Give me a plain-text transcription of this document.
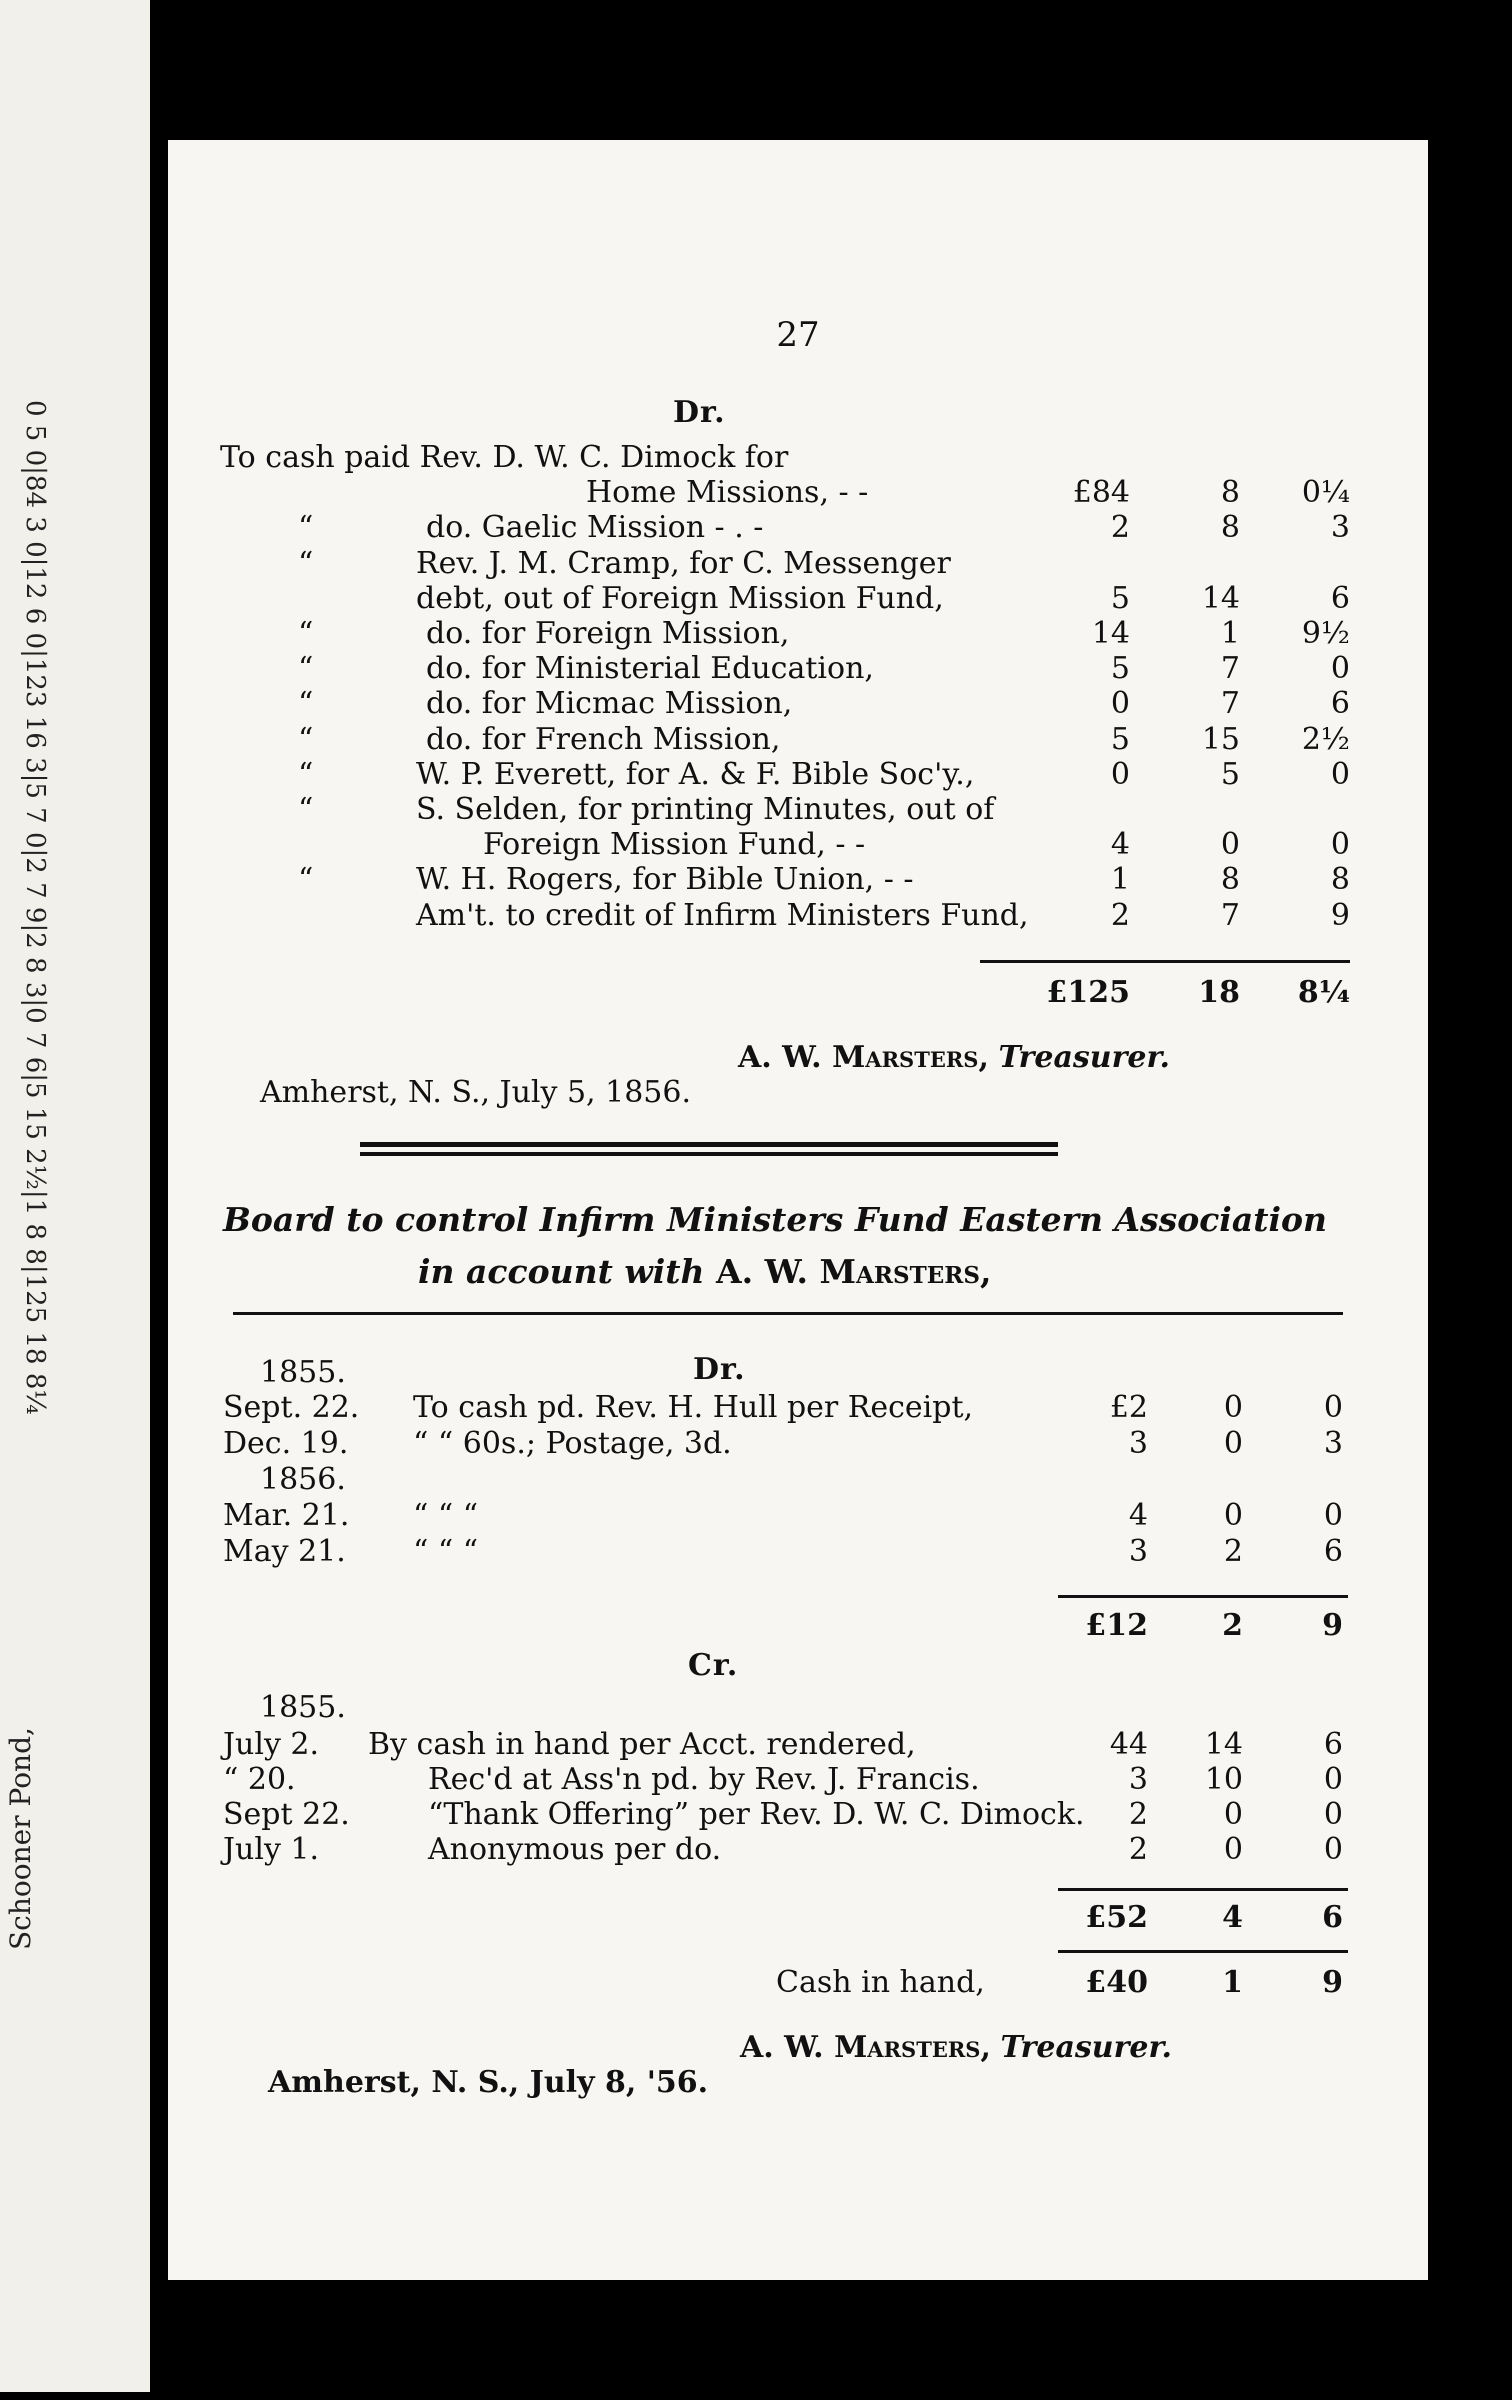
0 5 0|84 3 0|12 6 0|123 16 3|5 7 0|2 7 9|2 8 3|0 7 6|5 15 2½|1 8 8|125 18 8¼
Schooner Pond,
27
Dr.
£125	18	8¼
A. W. Marsters, Treasurer.
Amherst, N. S., July 5, 1856.
Board to control Infirm Ministers Fund Eastern Association
in account with A. W. Marsters,
1855.	Dr.
£12	2	9
Cr.
1855.
£52	4	6
Cash in hand,	£40	1	9
A. W. Marsters, Treasurer.
Amherst, N. S., July 8, '56.
To cash paid Rev. D. W. C. Dimock for
Home Missions, - -	£84	8	0¼
“	do. Gaelic Mission - . -	2	8	3
“	Rev. J. M. Cramp, for C. Messenger
debt, out of Foreign Mission Fund,	5	14	6
“	do. for Foreign Mission,	14	1	9½
“	do. for Ministerial Education,	5	7	0
“	do. for Micmac Mission,	0	7	6
“	do. for French Mission,	5	15	2½
“	W. P. Everett, for A. & F. Bible Soc'y.,	0	5	0
“	S. Selden, for printing Minutes, out of
Foreign Mission Fund, - -	4	0	0
“	W. H. Rogers, for Bible Union, - -	1	8	8
Am't. to credit of Infirm Ministers Fund,	2	7	9
Sept. 22. To cash pd. Rev. H. Hull per Receipt,	£2	0	0
Dec. 19. “ “ 60s.; Postage, 3d.	3	0	3
1856.
Mar. 21. “ “ “	4	0	0
May 21. “ “ “	3	2	6
July 2. By cash in hand per Acct. rendered,	44	14	6
“ 20.	Rec'd at Ass'n pd. by Rev. J. Francis.	3	10	0
Sept 22.	“Thank Offering” per Rev. D. W. C. Dimock.	2	0	0
July 1.	Anonymous per do.	2	0	0
